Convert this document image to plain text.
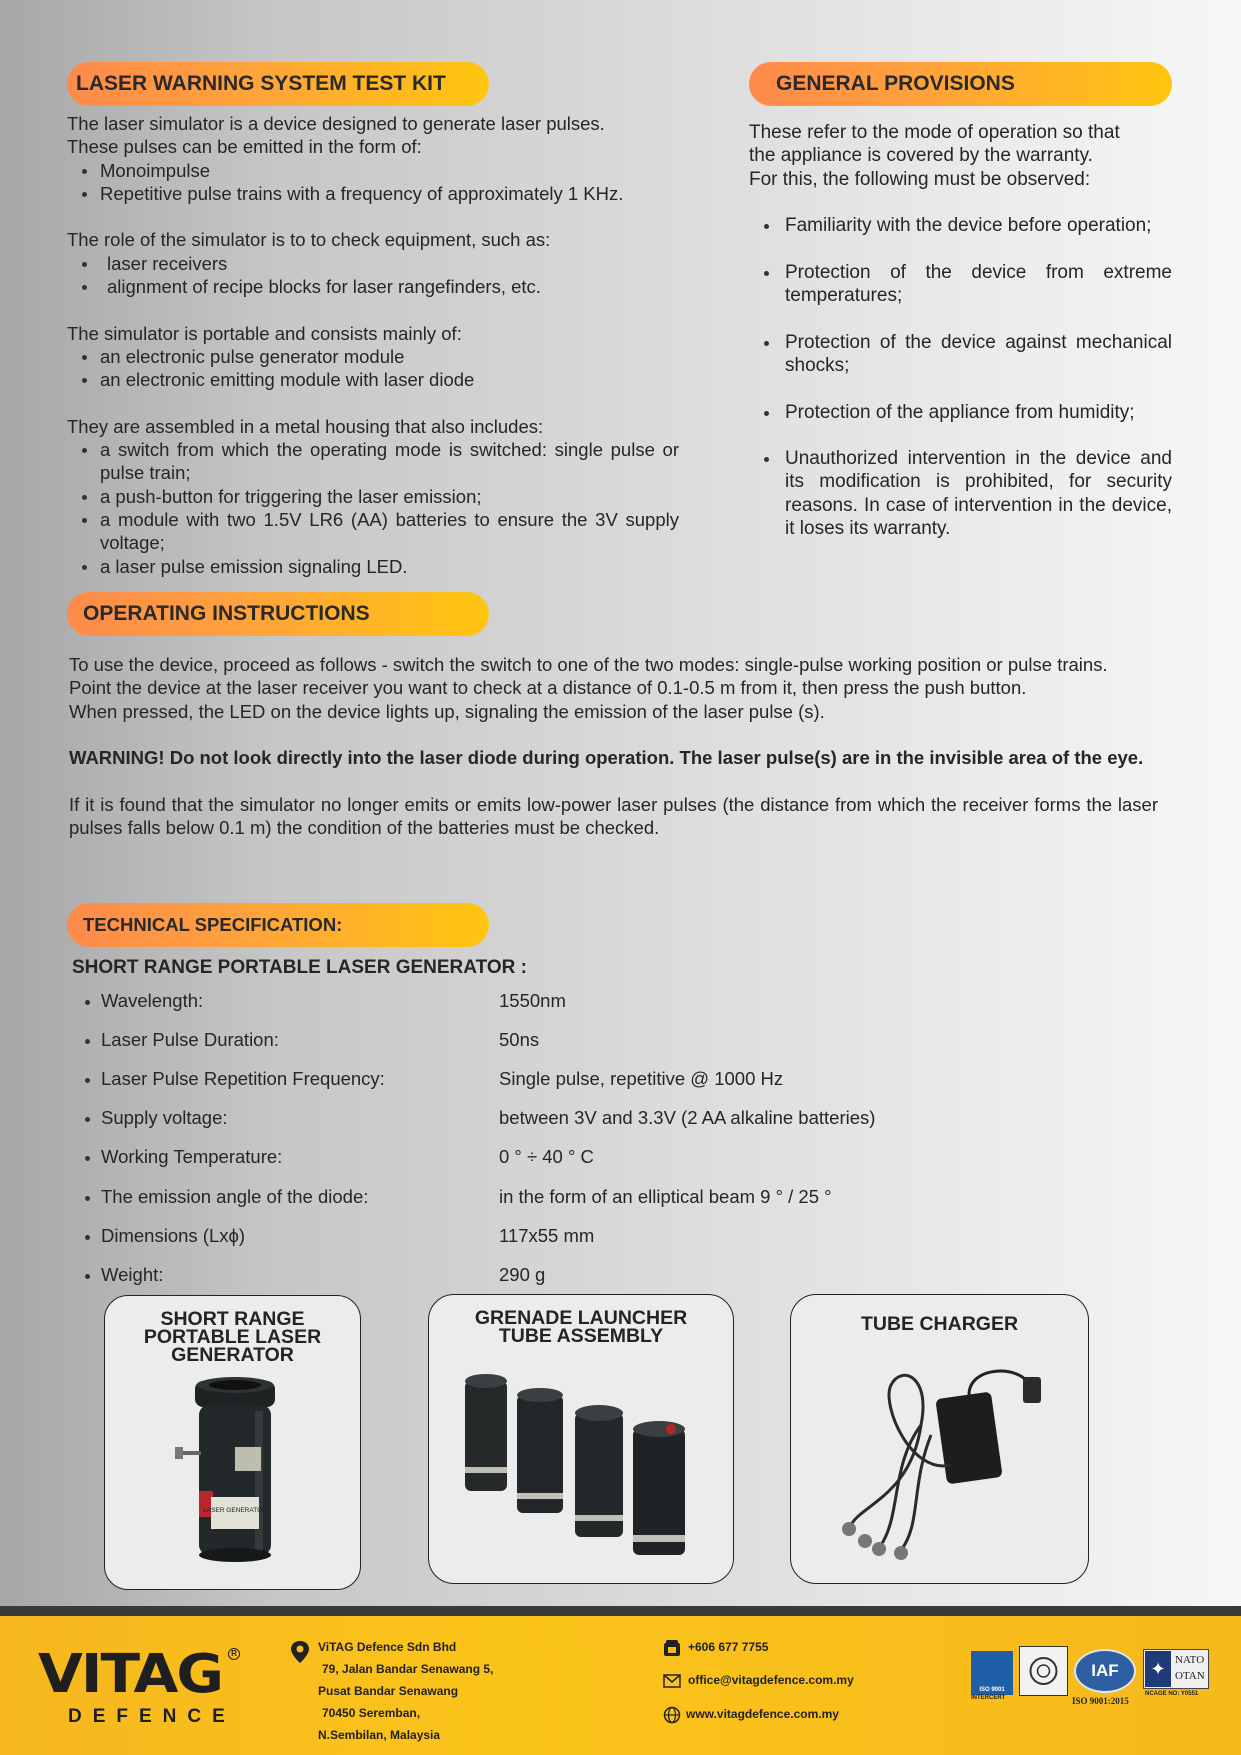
LASER WARNING SYSTEM TEST KIT	GENERAL PROVISIONS
OPERATING INSTRUCTIONS
TECHNICAL SPECIFICATION:

The laser simulator is a device designed to generate laser pulses.

These pulses can be emitted in the form of:

Monoimpulse
Repetitive pulse trains with a frequency of approximately 1 KHz.

The role of the simulator is to to check equipment, such as:

laser receivers
alignment of recipe blocks for laser rangefinders, etc.

The simulator is portable and consists mainly of:

an electronic pulse generator module
an electronic emitting module with laser diode

They are assembled in a metal housing that also includes:

a switch from which the operating mode is switched: single pulse or pulse train;
a push-button for triggering the laser emission;
a module with two 1.5V LR6 (AA) batteries to ensure the 3V supply voltage;
a laser pulse emission signaling LED.

These refer to the mode of operation so that

the appliance is covered by the warranty.

For this, the following must be observed:

Familiarity with the device before operation;
Protection of the device from extreme temperatures;
Protection of the device against mechanical shocks;
Protection of the appliance from humidity;
Unauthorized intervention in the device and its modification is prohibited, for security reasons. In case of intervention in the device, it loses its warranty.

To use the device, proceed as follows - switch the switch to one of the two modes: single-pulse working position or pulse trains.

Point the device at the laser receiver you want to check at a distance of 0.1-0.5 m from it, then press the push button.

When pressed, the LED on the device lights up, signaling the emission of the laser pulse (s).

WARNING! Do not look directly into the laser diode during operation. The laser pulse(s) are in the invisible area of the eye.

If it is found that the simulator no longer emits or emits low-power laser pulses (the distance from which the receiver forms the laser pulses falls below 0.1 m) the condition of the batteries must be checked.

SHORT RANGE PORTABLE LASER GENERATOR :
Wavelength:	1550nm
Laser Pulse Duration:	50ns
Laser Pulse Repetition Frequency:	Single pulse, repetitive @ 1000 Hz
Supply voltage:	between 3V and 3.3V (2 AA alkaline batteries)
Working Temperature:	0 ° ÷ 40 ° C
The emission angle of the diode:	in the form of an elliptical beam 9 ° / 25 °
Dimensions (Lxϕ)	117x55 mm
Weight:	290 g
SHORT RANGE
PORTABLE LASER
GENERATOR
LASER GENERATOR
GRENADE LAUNCHER
TUBE ASSEMBLY
TUBE CHARGER
VITAG	R
DEFENCE
ViTAG Defence Sdn Bhd
79, Jalan Bandar Senawang 5,
Pusat Bandar Senawang
70450 Seremban,
N.Sembilan, Malaysia
+606 677 7755
office@vitagdefence.com.my
www.vitagdefence.com.my
ISO 9001
INTERCERT
IAF
ISO 9001:2015
✦ NATO
OTAN
NCAGE NO: Y0551
